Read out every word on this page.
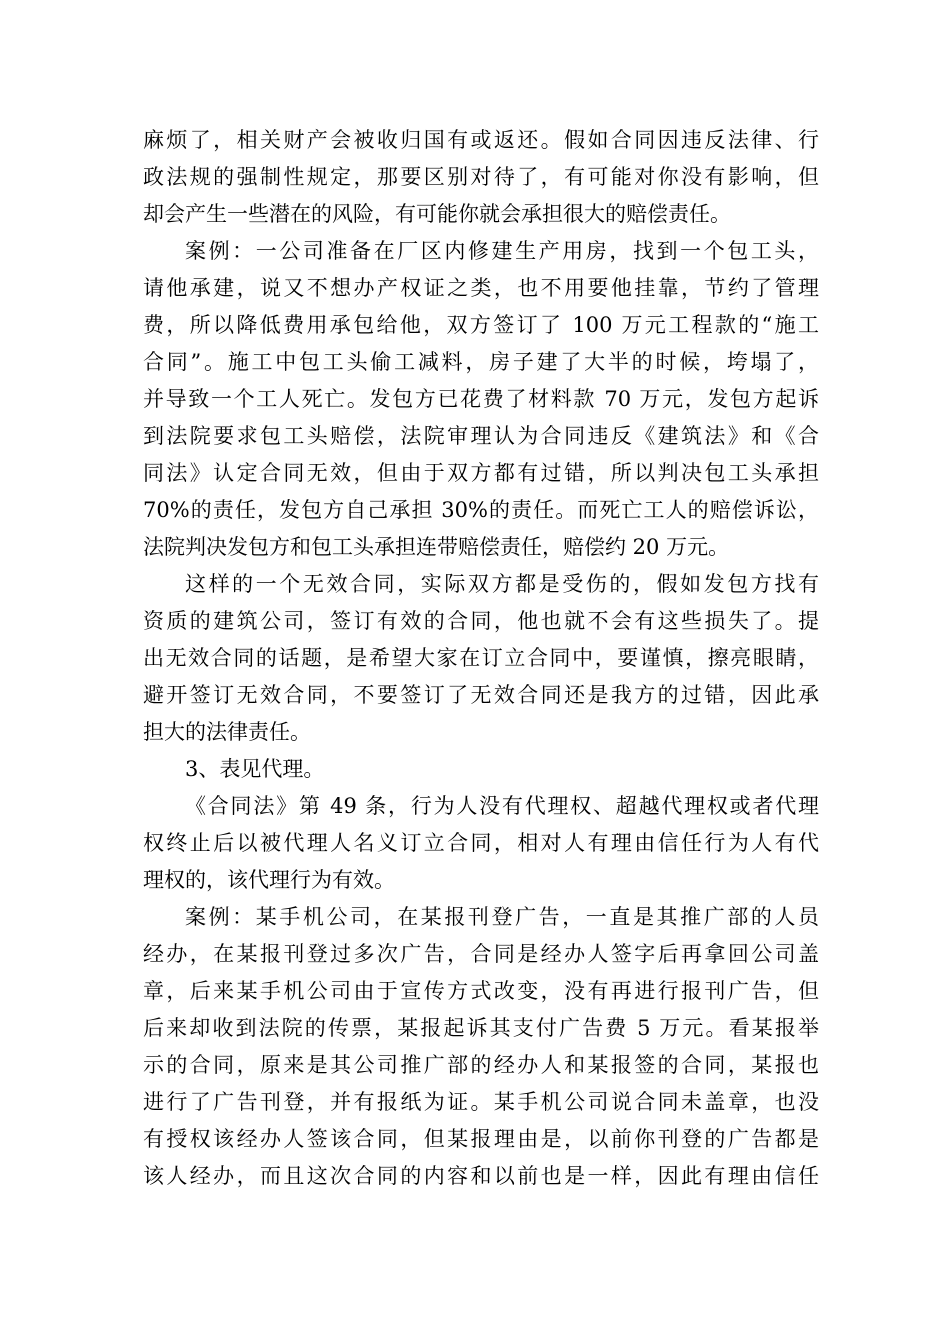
麻烦了，相关财产会被收归国有或返还。假如合同因违反法律、行
政法规的强制性规定，那要区别对待了，有可能对你没有影响，但
却会产生一些潜在的风险，有可能你就会承担很大的赔偿责任。
案例：一公司准备在厂区内修建生产用房，找到一个包工头，
请他承建，说又不想办产权证之类，也不用要他挂靠，节约了管理
费，所以降低费用承包给他，双方签订了 100 万元工程款的“施工
合同”。施工中包工头偷工减料，房子建了大半的时候，垮塌了，
并导致一个工人死亡。发包方已花费了材料款 70 万元，发包方起诉
到法院要求包工头赔偿，法院审理认为合同违反《建筑法》和《合
同法》认定合同无效，但由于双方都有过错，所以判决包工头承担
70%的责任，发包方自己承担 30%的责任。而死亡工人的赔偿诉讼，
法院判决发包方和包工头承担连带赔偿责任，赔偿约 20 万元。
这样的一个无效合同，实际双方都是受伤的，假如发包方找有
资质的建筑公司，签订有效的合同，他也就不会有这些损失了。提
出无效合同的话题，是希望大家在订立合同中，要谨慎，擦亮眼睛，
避开签订无效合同，不要签订了无效合同还是我方的过错，因此承
担大的法律责任。
3、表见代理。
《合同法》第 49 条，行为人没有代理权、超越代理权或者代理
权终止后以被代理人名义订立合同，相对人有理由信任行为人有代
理权的，该代理行为有效。
案例：某手机公司，在某报刊登广告，一直是其推广部的人员
经办，在某报刊登过多次广告，合同是经办人签字后再拿回公司盖
章，后来某手机公司由于宣传方式改变，没有再进行报刊广告，但
后来却收到法院的传票，某报起诉其支付广告费 5 万元。看某报举
示的合同，原来是其公司推广部的经办人和某报签的合同，某报也
进行了广告刊登，并有报纸为证。某手机公司说合同未盖章，也没
有授权该经办人签该合同，但某报理由是，以前你刊登的广告都是
该人经办，而且这次合同的内容和以前也是一样，因此有理由信任
